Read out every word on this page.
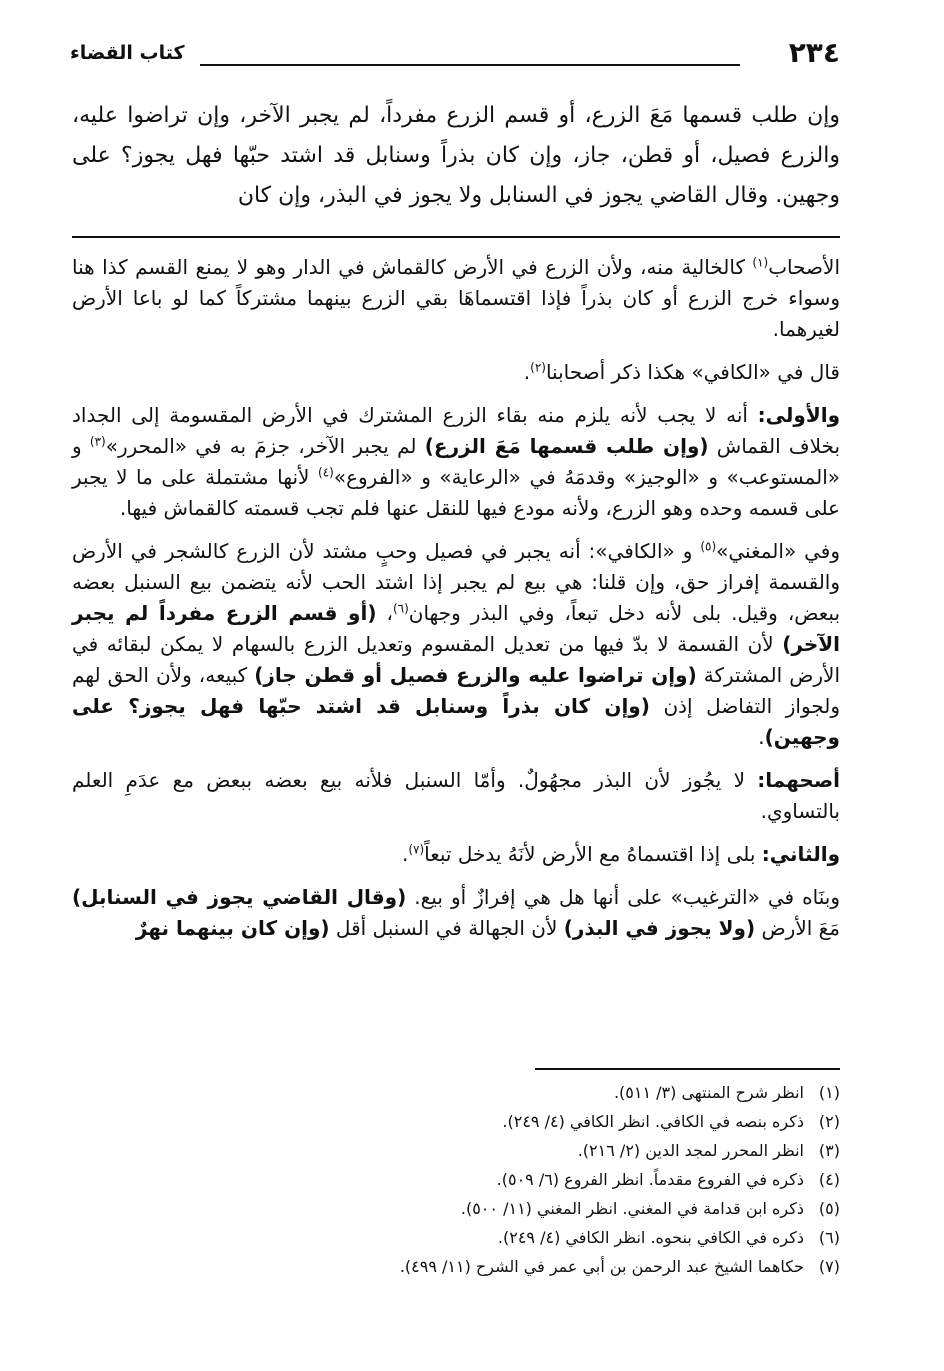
٢٣٤
كتاب القضاء
وإن طلب قسمها مَعَ الزرع، أو قسم الزرع مفرداً، لم يجبر الآخر، وإن تراضوا عليه، والزرع فصيل، أو قطن، جاز، وإن كان بذراً وسنابل قد اشتد حبّها فهل يجوز؟ على وجهين. وقال القاضي يجوز في السنابل ولا يجوز في البذر، وإن كان

الأصحاب$^{(١)}$ كالخالية منه، ولأن الزرع في الأرض كالقماش في الدار وهو لا يمنع القسم كذا هنا وسواء خرج الزرع أو كان بذراً فإذا اقتسماهَا بقي الزرع بينهما مشتركاً كما لو باعا الأرض لغيرهما.

قال في «الكافي» هكذا ذكر أصحابنا$^{(٢)}$.

والأولى: أنه لا يجب لأنه يلزم منه بقاء الزرع المشترك في الأرض المقسومة إلى الجداد بخلاف القماش (وإن طلب قسمها مَعَ الزرع) لم يجبر الآخر، جزمَ به في «المحرر»$^{(٣)}$ و «المستوعب» و «الوجيز» وقدمَهُ في «الرعاية» و «الفروع»$^{(٤)}$ لأنها مشتملة على ما لا يجبر على قسمه وحده وهو الزرع، ولأنه مودع فيها للنقل عنها فلم تجب قسمته كالقماش فيها.

وفي «المغني»$^{(٥)}$ و «الكافي»: أنه يجبر في فصيل وحبٍ مشتد لأن الزرع كالشجر في الأرض والقسمة إفراز حق، وإن قلنا: هي بيع لم يجبر إذا اشتد الحب لأنه يتضمن بيع السنبل بعضه ببعض، وقيل. بلى لأنه دخل تبعاً، وفي البذر وجهان$^{(٦)}$، (أو قسم الزرع مفرداً لم يجبر الآخر) لأن القسمة لا بدّ فيها من تعديل المقسوم وتعديل الزرع بالسهام لا يمكن لبقائه في الأرض المشتركة (وإن تراضوا عليه والزرع فصيل أو قطن جاز) كبيعه، ولأن الحق لهم ولجواز التفاضل إذن (وإن كان بذراً وسنابل قد اشتد حبّها فهل يجوز؟ على وجهين).

أصحهما: لا يجُوز لأن البذر مجهُولٌ. وأمّا السنبل فلأنه بيع بعضه ببعض مع عدَمِ العلم بالتساوي.

والثاني: بلى إذا اقتسماهُ مع الأرض لأنَهُ يدخل تبعاً$^{(٧)}$.

وبنَاه في «الترغيب» على أنها هل هي إفرازٌ أو بيع. (وقال القاضي يجوز في السنابل) مَعَ الأرض (ولا يجوز في البذر) لأن الجهالة في السنبل أقل (وإن كان بينهما نهرٌ

(١)انظر شرح المنتهى (٣/ ٥١١).
(٢)ذكره بنصه في الكافي. انظر الكافي (٤/ ٢٤٩).
(٣)انظر المحرر لمجد الدين (٢/ ٢١٦).
(٤)ذكره في الفروع مقدماً. انظر الفروع (٦/ ٥٠٩).
(٥)ذكره ابن قدامة في المغني. انظر المغني (١١/ ٥٠٠).
(٦)ذكره في الكافي بنحوه. انظر الكافي (٤/ ٢٤٩).
(٧)حكاهما الشيخ عبد الرحمن بن أبي عمر في الشرح (١١/ ٤٩٩).
